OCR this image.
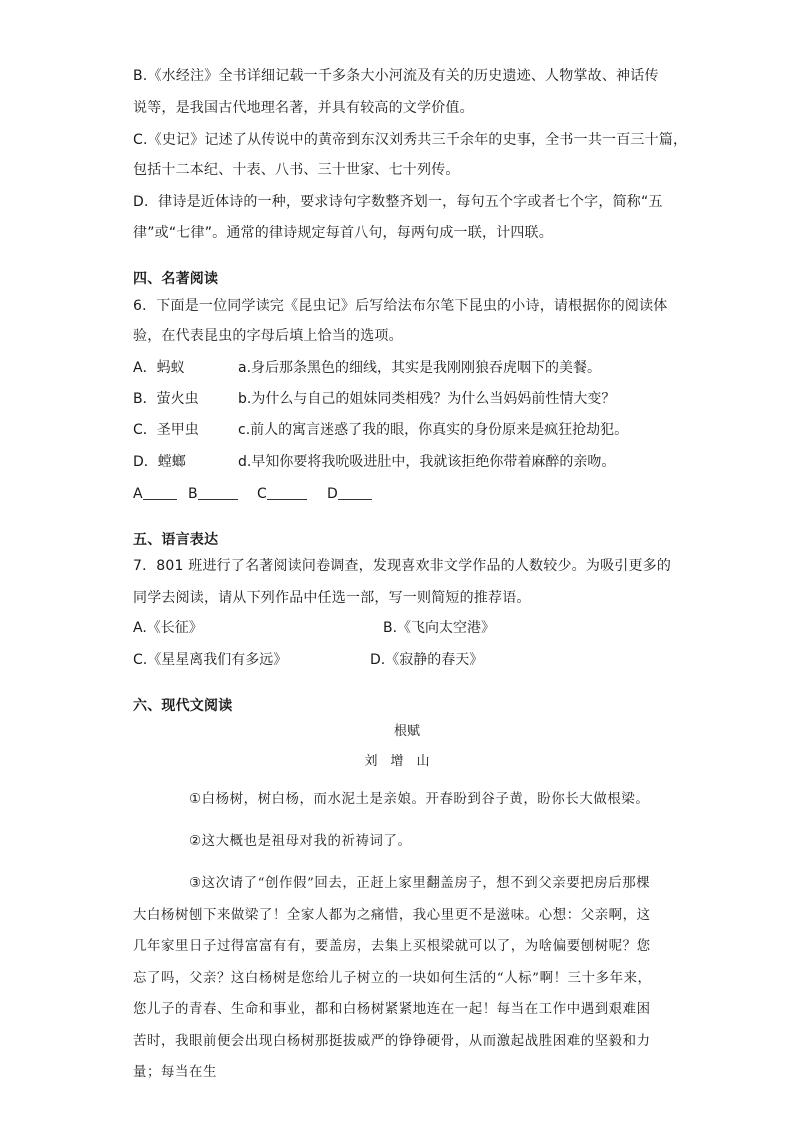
B.《水经注》全书详细记载一千多条大小河流及有关的历史遗迹、人物掌故、神话传
说等，是我国古代地理名著，并具有较高的文学价值。
C.《史记》记述了从传说中的黄帝到东汉刘秀共三千余年的史事，全书一共一百三十篇，
包括十二本纪、十表、八书、三十世家、七十列传。
D．律诗是近体诗的一种，要求诗句字数整齐划一，每句五个字或者七个字，简称“五
律”或“七律”。通常的律诗规定每首八句，每两句成一联，计四联。
四、名著阅读
6．下面是一位同学读完《昆虫记》后写给法布尔笔下昆虫的小诗，请根据你的阅读体
验，在代表昆虫的字母后填上恰当的选项。
A．蚂蚁	a.身后那条黑色的细线，其实是我刚刚狼吞虎咽下的美餐。
B．萤火虫	b.为什么与自己的姐妹同类相残？为什么当妈妈前性情大变？
C．圣甲虫	c.前人的寓言迷惑了我的眼，你真实的身份原来是疯狂抢劫犯。
D．螳螂	d.早知你要将我吮吸进肚中，我就该拒绝你带着麻醉的亲吻。
A	B	C	D
五、语言表达
7．801 班进行了名著阅读问卷调查，发现喜欢非文学作品的人数较少。为吸引更多的
同学去阅读，请从下列作品中任选一部，写一则简短的推荐语。
A.《长征》	B.《飞向太空港》
C.《星星离我们有多远》	D.《寂静的春天》
六、现代文阅读
根赋
刘　增　山
①白杨树，树白杨，而水泥土是亲娘。开春盼到谷子黄，盼你长大做根梁。
②这大概也是祖母对我的祈祷词了。
③这次请了“创作假”回去，正赶上家里翻盖房子，想不到父亲要把房后那棵大白杨树刨下来做梁了！全家人都为之痛惜，我心里更不是滋味。心想：父亲啊，这几年家里日子过得富富有有，要盖房，去集上买根梁就可以了，为啥偏要刨树呢？您忘了吗，父亲？这白杨树是您给儿子树立的一块如何生活的“人标”啊！三十多年来，您儿子的青春、生命和事业，都和白杨树紧紧地连在一起！每当在工作中遇到艰难困苦时，我眼前便会出现白杨树那挺拔威严的铮铮硬骨，从而激起战胜困难的坚毅和力量；每当在生
